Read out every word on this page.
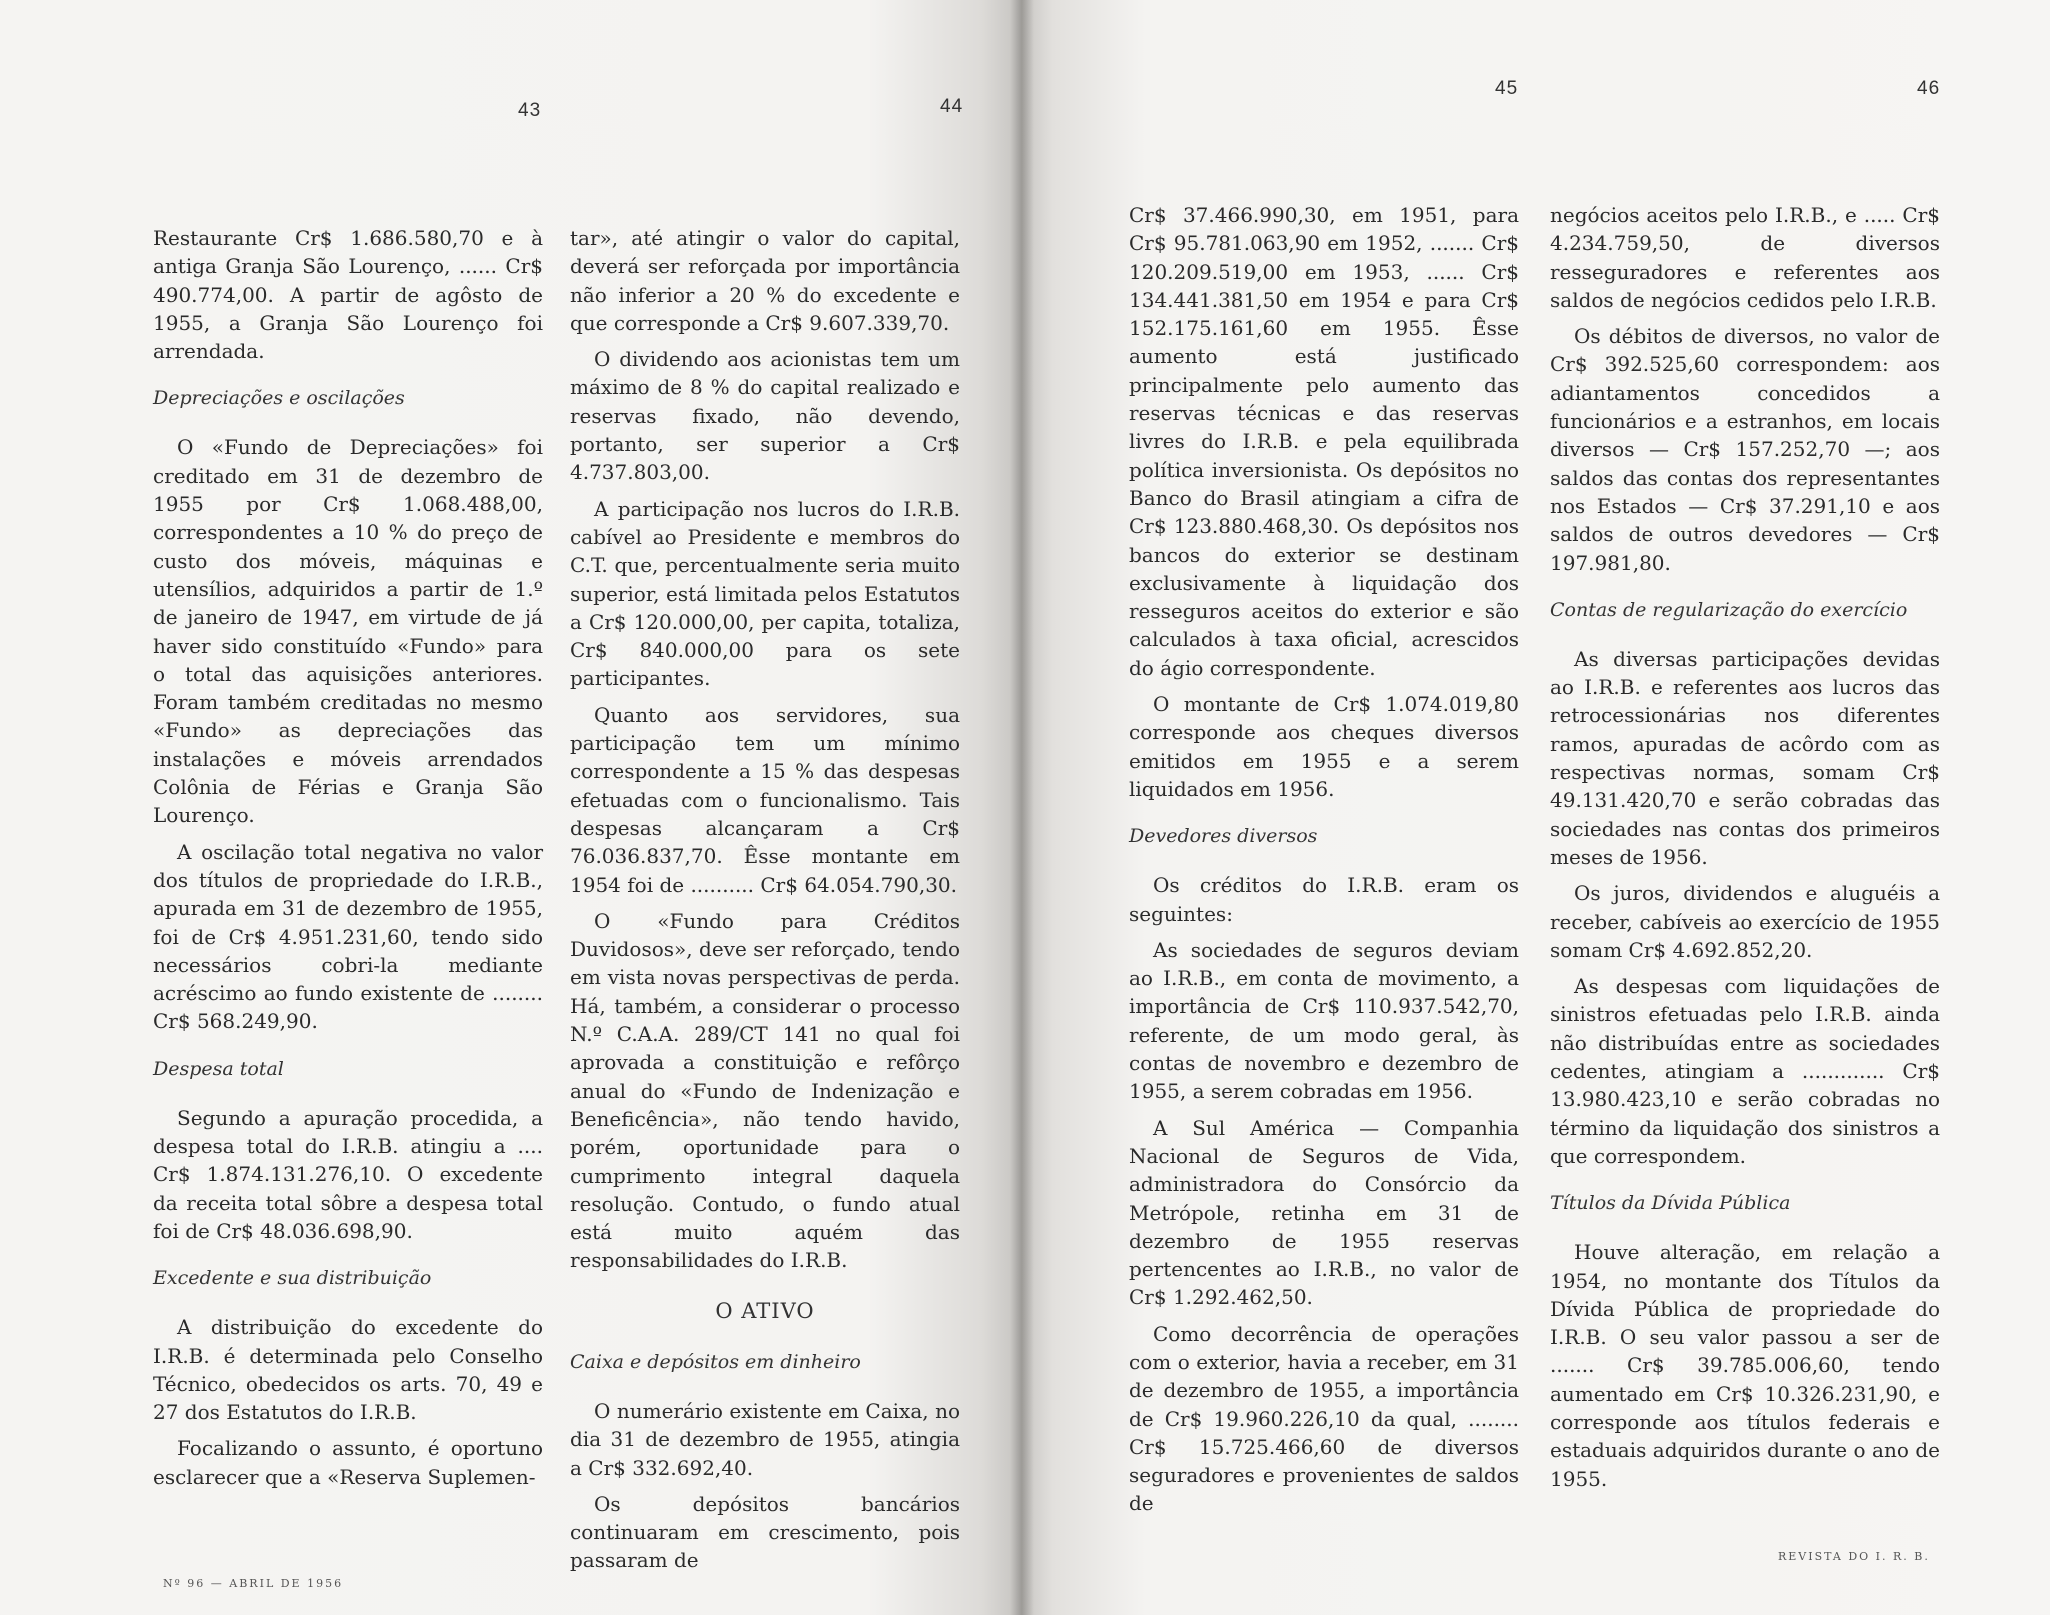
43	44

Restaurante Cr$ 1.686.580,70 e à antiga Granja São Lourenço, ...... Cr$ 490.774,00. A partir de agôsto de 1955, a Granja São Lourenço foi arrendada.

Depreciações e oscilações

O «Fundo de Depreciações» foi creditado em 31 de dezembro de 1955 por Cr$ 1.068.488,00, correspondentes a 10 % do preço de custo dos móveis, máquinas e utensílios, adquiridos a partir de 1.º de janeiro de 1947, em virtude de já haver sido constituído «Fundo» para o total das aquisições anteriores. Foram também creditadas no mesmo «Fundo» as depreciações das instalações e móveis arrendados Colônia de Férias e Granja São Lourenço.

A oscilação total negativa no valor dos títulos de propriedade do I.R.B., apurada em 31 de dezembro de 1955, foi de Cr$ 4.951.231,60, tendo sido necessários cobri-la mediante acréscimo ao fundo existente de ........ Cr$ 568.249,90.

Despesa total

Segundo a apuração procedida, a despesa total do I.R.B. atingiu a .... Cr$ 1.874.131.276,10. O excedente da receita total sôbre a despesa total foi de Cr$ 48.036.698,90.

Excedente e sua distribuição

A distribuição do excedente do I.R.B. é determinada pelo Conselho Técnico, obedecidos os arts. 70, 49 e 27 dos Estatutos do I.R.B.

Focalizando o assunto, é oportuno esclarecer que a «Reserva Suplemen-

tar», até atingir o valor do capital, deverá ser reforçada por importância não inferior a 20 % do excedente e que corresponde a Cr$ 9.607.339,70.

O dividendo aos acionistas tem um máximo de 8 % do capital realizado e reservas fixado, não devendo, portanto, ser superior a Cr$ 4.737.803,00.

A participação nos lucros do I.R.B. cabível ao Presidente e membros do C.T. que, percentualmente seria muito superior, está limitada pelos Estatutos a Cr$ 120.000,00, per capita, totaliza, Cr$ 840.000,00 para os sete participantes.

Quanto aos servidores, sua participação tem um mínimo correspondente a 15 % das despesas efetuadas com o funcionalismo. Tais despesas alcançaram a Cr$ 76.036.837,70. Êsse montante em 1954 foi de .......... Cr$ 64.054.790,30.

O «Fundo para Créditos Duvidosos», deve ser reforçado, tendo em vista novas perspectivas de perda. Há, também, a considerar o processo N.º C.A.A. 289/CT 141 no qual foi aprovada a constituição e refôrço anual do «Fundo de Indenização e Beneficência», não tendo havido, porém, oportunidade para o cumprimento integral daquela resolução. Contudo, o fundo atual está muito aquém das responsabilidades do I.R.B.

O ATIVO
Caixa e depósitos em dinheiro

O numerário existente em Caixa, no dia 31 de dezembro de 1955, atingia a Cr$ 332.692,40.

Os depósitos bancários continuaram em crescimento, pois passaram de

Nº 96 — ABRIL DE 1956
45	46

Cr$ 37.466.990,30, em 1951, para Cr$ 95.781.063,90 em 1952, ....... Cr$ 120.209.519,00 em 1953, ...... Cr$ 134.441.381,50 em 1954 e para Cr$ 152.175.161,60 em 1955. Êsse aumento está justificado principalmente pelo aumento das reservas técnicas e das reservas livres do I.R.B. e pela equilibrada política inversionista. Os depósitos no Banco do Brasil atingiam a cifra de Cr$ 123.880.468,30. Os depósitos nos bancos do exterior se destinam exclusivamente à liquidação dos resseguros aceitos do exterior e são calculados à taxa oficial, acrescidos do ágio correspondente.

O montante de Cr$ 1.074.019,80 corresponde aos cheques diversos emitidos em 1955 e a serem liquidados em 1956.

Devedores diversos

Os créditos do I.R.B. eram os seguintes:

As sociedades de seguros deviam ao I.R.B., em conta de movimento, a importância de Cr$ 110.937.542,70, referente, de um modo geral, às contas de novembro e dezembro de 1955, a serem cobradas em 1956.

A Sul América — Companhia Nacional de Seguros de Vida, administradora do Consórcio da Metrópole, retinha em 31 de dezembro de 1955 reservas pertencentes ao I.R.B., no valor de Cr$ 1.292.462,50.

Como decorrência de operações com o exterior, havia a receber, em 31 de dezembro de 1955, a importância de Cr$ 19.960.226,10 da qual, ........ Cr$ 15.725.466,60 de diversos seguradores e provenientes de saldos de

negócios aceitos pelo I.R.B., e ..... Cr$ 4.234.759,50, de diversos resseguradores e referentes aos saldos de negócios cedidos pelo I.R.B.

Os débitos de diversos, no valor de Cr$ 392.525,60 correspondem: aos adiantamentos concedidos a funcionários e a estranhos, em locais diversos — Cr$ 157.252,70 —; aos saldos das contas dos representantes nos Estados — Cr$ 37.291,10 e aos saldos de outros devedores — Cr$ 197.981,80.

Contas de regularização do exercício

As diversas participações devidas ao I.R.B. e referentes aos lucros das retrocessionárias nos diferentes ramos, apuradas de acôrdo com as respectivas normas, somam Cr$ 49.131.420,70 e serão cobradas das sociedades nas contas dos primeiros meses de 1956.

Os juros, dividendos e aluguéis a receber, cabíveis ao exercício de 1955 somam Cr$ 4.692.852,20.

As despesas com liquidações de sinistros efetuadas pelo I.R.B. ainda não distribuídas entre as sociedades cedentes, atingiam a ............. Cr$ 13.980.423,10 e serão cobradas no término da liquidação dos sinistros a que correspondem.

Títulos da Dívida Pública

Houve alteração, em relação a 1954, no montante dos Títulos da Dívida Pública de propriedade do I.R.B. O seu valor passou a ser de ....... Cr$ 39.785.006,60, tendo aumentado em Cr$ 10.326.231,90, e corresponde aos títulos federais e estaduais adquiridos durante o ano de 1955.

REVISTA DO I. R. B.
